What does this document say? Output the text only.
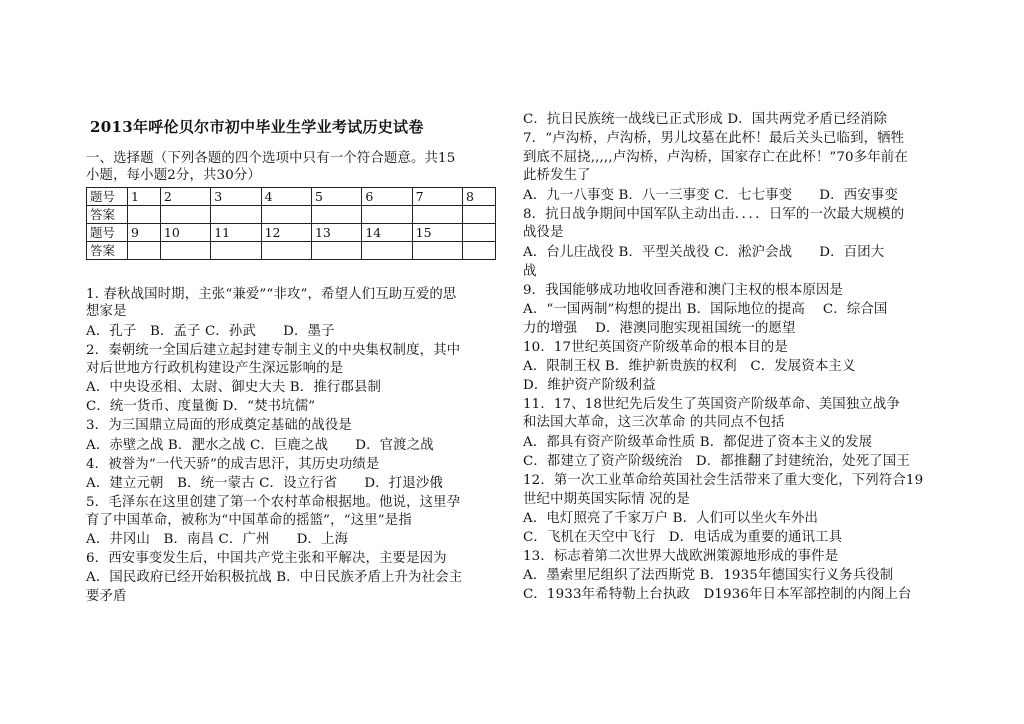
2013年呼伦贝尔市初中毕业生学业考试历史试卷
一、选择题（下列各题的四个选项中只有一个符合题意。共15
小题，每小题2分，共30分）
题号	1	2	3	4	5	6	7	8
答案								
题号	9	10	11	12	13	14	15	
答案								
1. 春秋战国时期，主张“兼爱”“非攻”，希望人们互助互爱的思
想家是
A．孔子　B．孟子 C．孙武　　D．墨子
2．秦朝统一全国后建立起封建专制主义的中央集权制度，其中
对后世地方行政机构建设产生深远影响的是
A．中央设丞相、太尉、御史大夫 B．推行郡县制
C．统一货币、度量衡 D．“焚书坑儒”
3．为三国鼎立局面的形成奠定基础的战役是
A．赤壁之战 B．淝水之战 C．巨鹿之战　　D．官渡之战
4．被誉为“一代天骄”的成吉思汗，其历史功绩是
A．建立元朝　B．统一蒙古 C．设立行省　　D．打退沙俄
5．毛泽东在这里创建了第一个农村革命根据地。他说，这里孕
育了中国革命，被称为“中国革命的摇篮”，“这里”是指
A．井冈山　B．南昌 C．广州　　D．上海
6．西安事变发生后，中国共产党主张和平解决，主要是因为
A．国民政府已经开始积极抗战 B．中日民族矛盾上升为社会主
要矛盾
C．抗日民族统一战线已正式形成 D．国共两党矛盾已经消除
7．“卢沟桥，卢沟桥，男儿坟墓在此杯！最后关头已临到，牺牲
到底不屈挠,,,,,卢沟桥，卢沟桥，国家存亡在此杯！”70多年前在
此桥发生了
A．九一八事变 B．八一三事变 C．七七事变　　D．西安事变
8．抗日战争期间中国军队主动出击．．．．日军的一次最大规模的
战役是
A．台儿庄战役 B．平型关战役 C．淞沪会战　　D．百团大
战
9．我国能够成功地收回香港和澳门主权的根本原因是
A．“一国两制”构想的提出 B．国际地位的提高　 C．综合国
力的增强　 D．港澳同胞实现祖国统一的愿望
10．17世纪英国资产阶级革命的根本目的是
A．限制王权 B．维护新贵族的权利　C．发展资本主义
D．维护资产阶级利益
11．17、18世纪先后发生了英国资产阶级革命、美国独立战争
和法国大革命，这三次革命 的共同点不包括
A．都具有资产阶级革命性质 B．都促进了资本主义的发展
C．都建立了资产阶级统治　D．都推翻了封建统治，处死了国王
12．第一次工业革命给英国社会生活带来了重大变化，下列符合19
世纪中期英国实际情 况的是
A．电灯照亮了千家万户 B．人们可以坐火车外出
C．飞机在天空中飞行　D．电话成为重要的通讯工具
13．标志着第二次世界大战欧洲策源地形成的事件是
A．墨索里尼组织了法西斯党 B．1935年德国实行义务兵役制
C．1933年希特勒上台执政　D1936年日本军部控制的内阁上台
